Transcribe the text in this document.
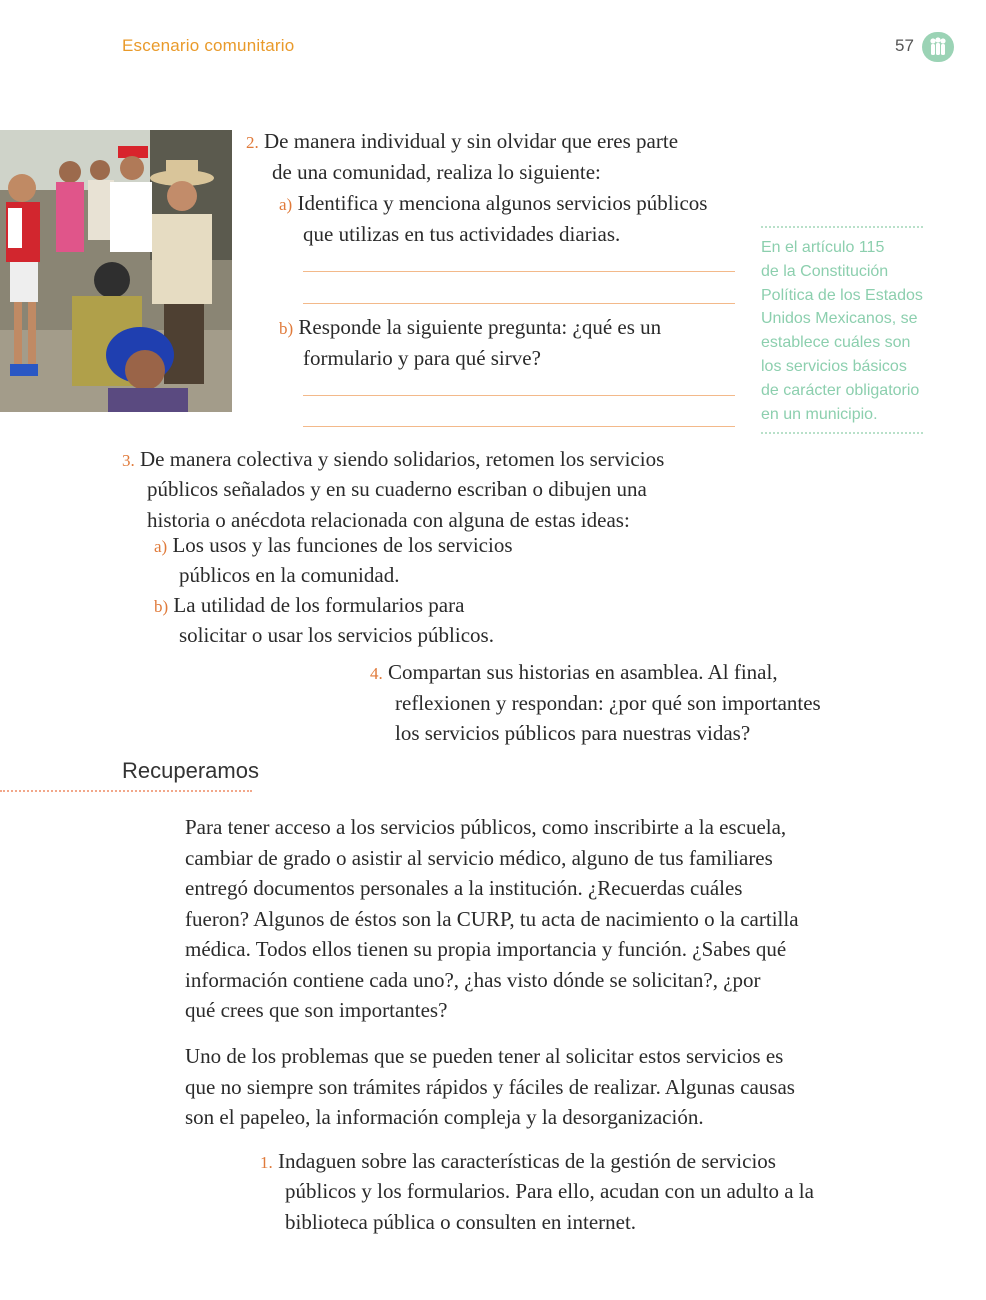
Escenario comunitario	57
2. De manera individual y sin olvidar que eres parte
de una comunidad, realiza lo siguiente:
a) Identifica y menciona algunos servicios públicos
que utilizas en tus actividades diarias.
b) Responde la siguiente pregunta: ¿qué es un
formulario y para qué sirve?

En el artículo 115

de la Constitución

Política de los Estados

Unidos Mexicanos, se

establece cuáles son

los servicios básicos

de carácter obligatorio

en un municipio.

3. De manera colectiva y siendo solidarios, retomen los servicios
públicos señalados y en su cuaderno escriban o dibujen una
historia o anécdota relacionada con alguna de estas ideas:
a) Los usos y las funciones de los servicios
públicos en la comunidad.
b) La utilidad de los formularios para
solicitar o usar los servicios públicos.
4. Compartan sus historias en asamblea. Al final,
reflexionen y respondan: ¿por qué son importantes
los servicios públicos para nuestras vidas?
Recuperamos
Para tener acceso a los servicios públicos, como inscribirte a la escuela,
cambiar de grado o asistir al servicio médico, alguno de tus familiares
entregó documentos personales a la institución. ¿Recuerdas cuáles
fueron? Algunos de éstos son la CURP, tu acta de nacimiento o la cartilla
médica. Todos ellos tienen su propia importancia y función. ¿Sabes qué
información contiene cada uno?, ¿has visto dónde se solicitan?, ¿por
qué crees que son importantes?
Uno de los problemas que se pueden tener al solicitar estos servicios es
que no siempre son trámites rápidos y fáciles de realizar. Algunas causas
son el papeleo, la información compleja y la desorganización.
1. Indaguen sobre las características de la gestión de servicios
públicos y los formularios. Para ello, acudan con un adulto a la
biblioteca pública o consulten en internet.
